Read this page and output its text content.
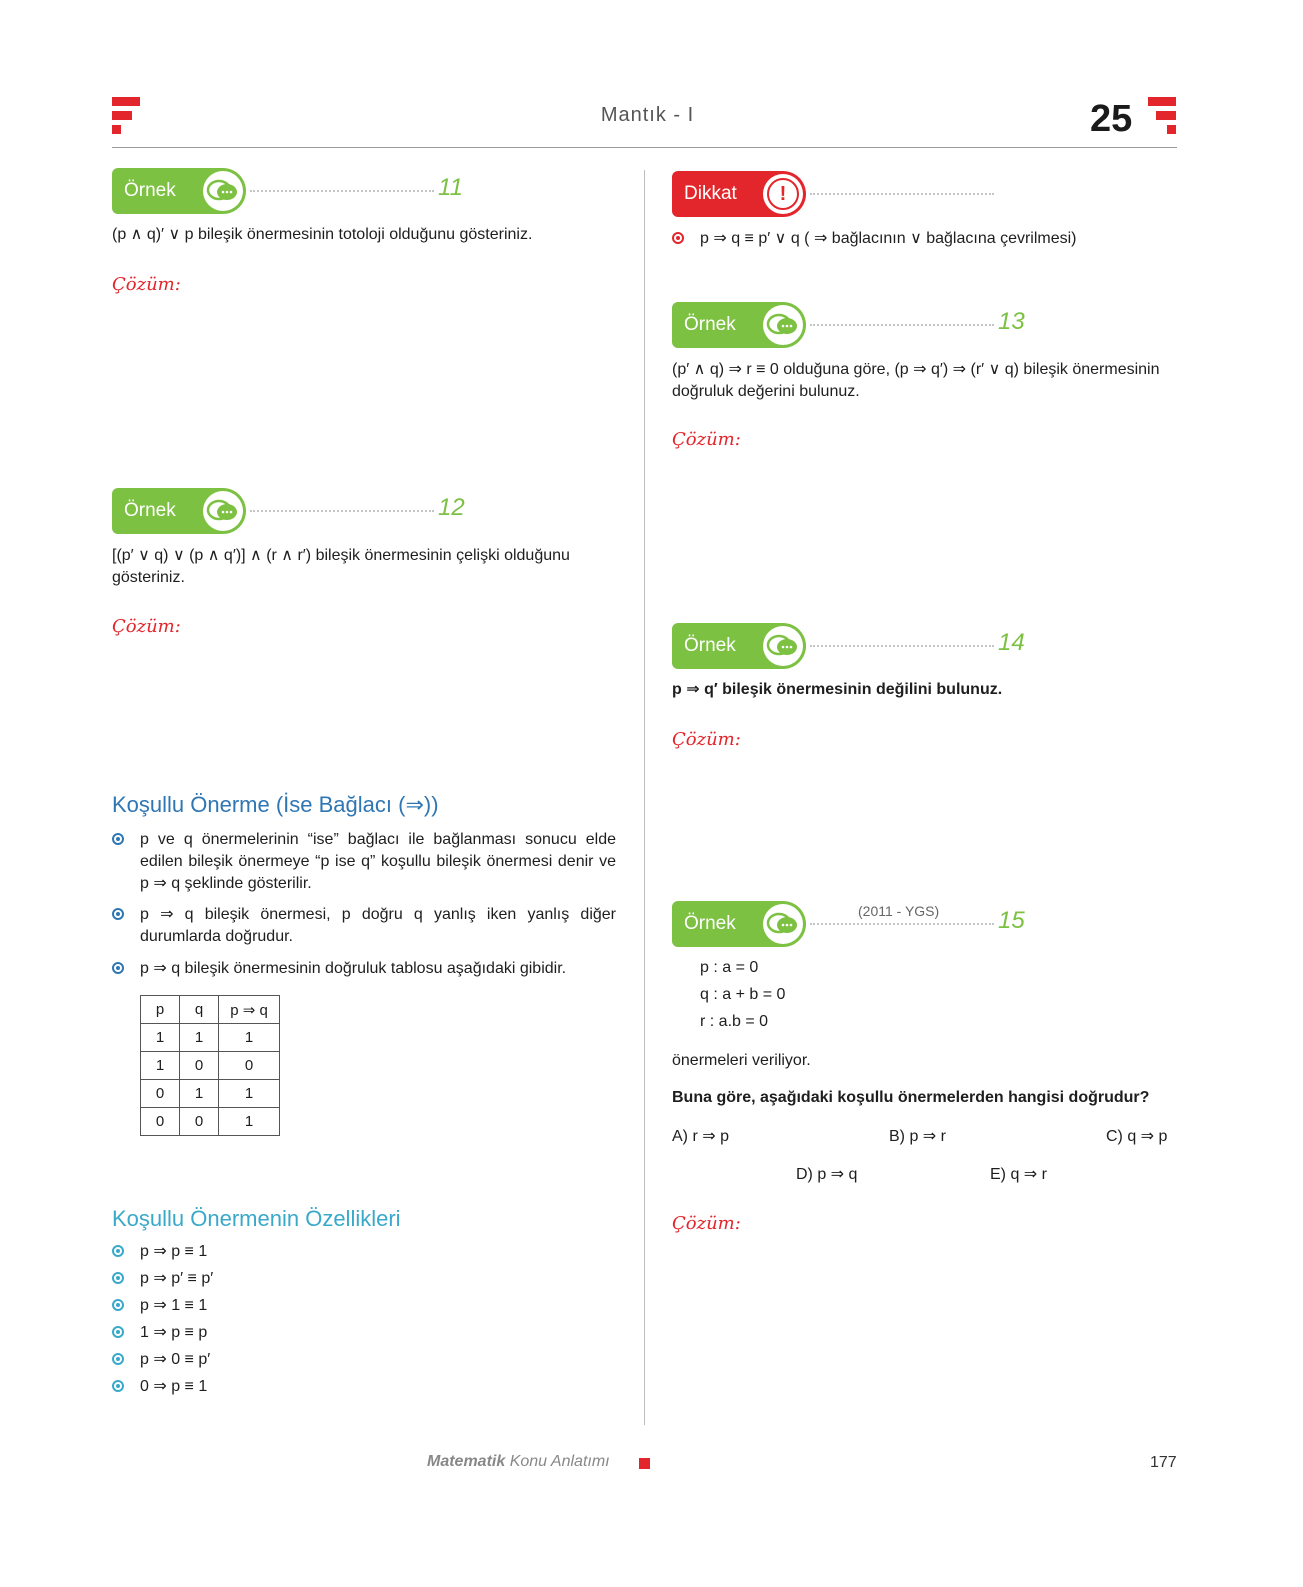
Mantık - I	25
Örnek	11
(p ∧ q)′ ∨ p bileşik önermesinin totoloji olduğunu gösteriniz.
Çözüm:
Örnek	12
[(p′ ∨ q) ∨ (p ∧ q′)] ∧ (r ∧ r′) bileşik önermesinin çelişki olduğunu gösteriniz.
Çözüm:
Koşullu Önerme (İse Bağlacı (⇒))
p ve q önermelerinin “ise” bağlacı ile bağlanması sonucu elde edilen bileşik önermeye “p ise q” koşullu bileşik önermesi denir ve p ⇒ q şeklinde gösterilir.
p ⇒ q bileşik önermesi, p doğru q yanlış iken yanlış diğer durumlarda doğrudur.
p ⇒ q bileşik önermesinin doğruluk tablosu aşağıdaki gibidir.
p	q	p ⇒ q
1	1	1
1	0	0
0	1	1
0	0	1
Koşullu Önermenin Özellikleri
p ⇒ p ≡ 1
p ⇒ p′ ≡ p′
p ⇒ 1 ≡ 1
1 ⇒ p ≡ p
p ⇒ 0 ≡ p′
0 ⇒ p ≡ 1
Dikkat	!
p ⇒ q ≡ p′ ∨ q ( ⇒ bağlacının ∨ bağlacına çevrilmesi)
Örnek	13
(p′ ∧ q) ⇒ r ≡ 0 olduğuna göre, (p ⇒ q′) ⇒ (r′ ∨ q) bileşik önermesinin doğruluk değerini bulunuz.
Çözüm:
Örnek	14
p ⇒ q′ bileşik önermesinin değilini bulunuz.
Çözüm:
Örnek
(2011 - YGS) 15
p : a = 0
q : a + b = 0
r : a.b = 0
önermeleri veriliyor.
Buna göre, aşağıdaki koşullu önermelerden hangisi doğrudur?
A) r ⇒ p	B) p ⇒ r	C) q ⇒ p
D) p ⇒ q	E) q ⇒ r
Çözüm:
Matematik Konu Anlatımı	177
